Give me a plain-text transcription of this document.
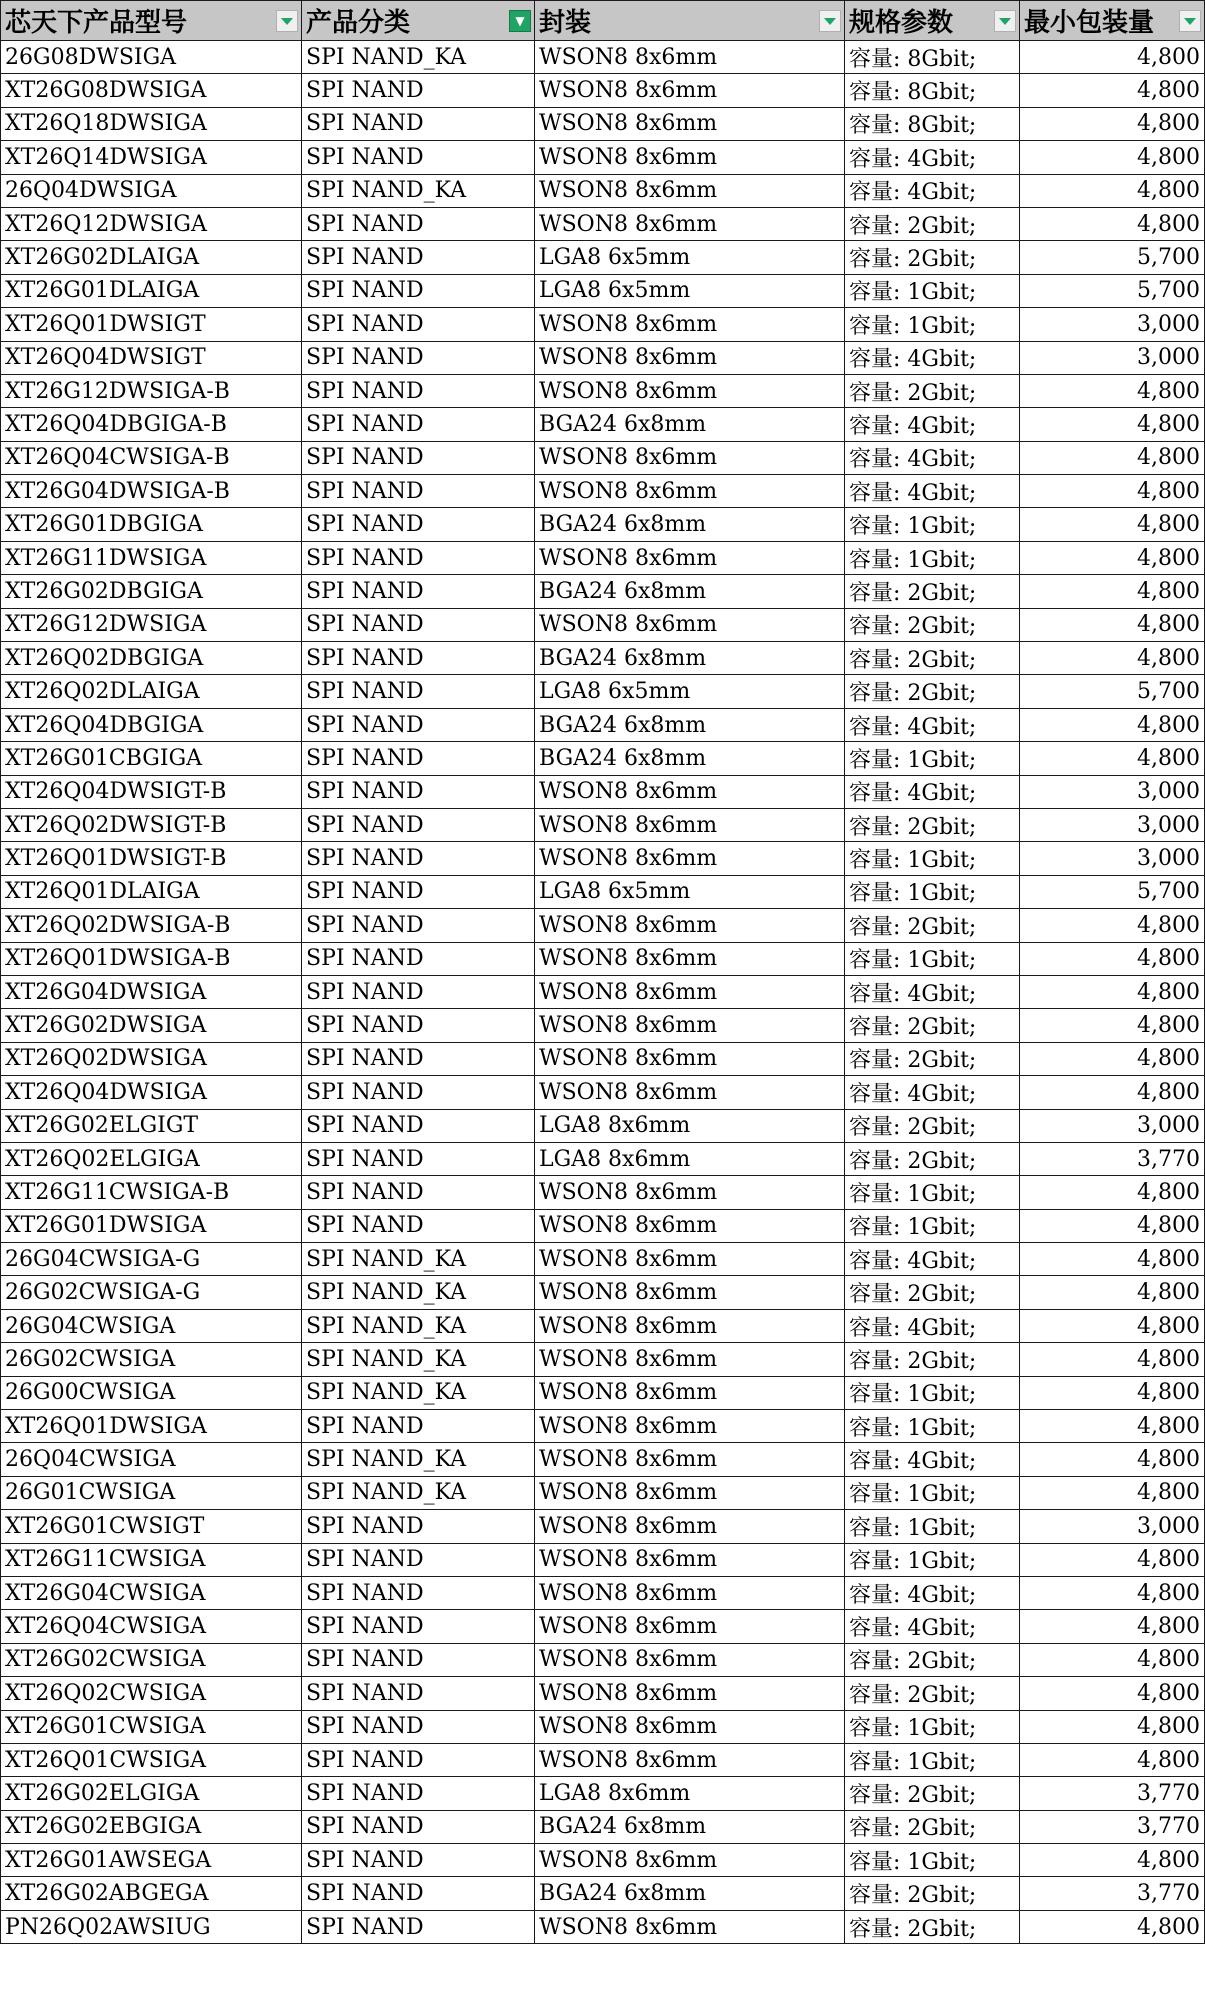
芯天下产品型号	产品分类 ▼	封装	规格参数	最小包装量

26G08DWSIGA	SPI NAND_KA	WSON8 8x6mm	容量: 8Gbit;	4,800
XT26G08DWSIGA	SPI NAND	WSON8 8x6mm	容量: 8Gbit;	4,800
XT26Q18DWSIGA	SPI NAND	WSON8 8x6mm	容量: 8Gbit;	4,800
XT26Q14DWSIGA	SPI NAND	WSON8 8x6mm	容量: 4Gbit;	4,800
26Q04DWSIGA	SPI NAND_KA	WSON8 8x6mm	容量: 4Gbit;	4,800
XT26Q12DWSIGA	SPI NAND	WSON8 8x6mm	容量: 2Gbit;	4,800
XT26G02DLAIGA	SPI NAND	LGA8 6x5mm	容量: 2Gbit;	5,700
XT26G01DLAIGA	SPI NAND	LGA8 6x5mm	容量: 1Gbit;	5,700
XT26Q01DWSIGT	SPI NAND	WSON8 8x6mm	容量: 1Gbit;	3,000
XT26Q04DWSIGT	SPI NAND	WSON8 8x6mm	容量: 4Gbit;	3,000
XT26G12DWSIGA-B	SPI NAND	WSON8 8x6mm	容量: 2Gbit;	4,800
XT26Q04DBGIGA-B	SPI NAND	BGA24 6x8mm	容量: 4Gbit;	4,800
XT26Q04CWSIGA-B	SPI NAND	WSON8 8x6mm	容量: 4Gbit;	4,800
XT26G04DWSIGA-B	SPI NAND	WSON8 8x6mm	容量: 4Gbit;	4,800
XT26G01DBGIGA	SPI NAND	BGA24 6x8mm	容量: 1Gbit;	4,800
XT26G11DWSIGA	SPI NAND	WSON8 8x6mm	容量: 1Gbit;	4,800
XT26G02DBGIGA	SPI NAND	BGA24 6x8mm	容量: 2Gbit;	4,800
XT26G12DWSIGA	SPI NAND	WSON8 8x6mm	容量: 2Gbit;	4,800
XT26Q02DBGIGA	SPI NAND	BGA24 6x8mm	容量: 2Gbit;	4,800
XT26Q02DLAIGA	SPI NAND	LGA8 6x5mm	容量: 2Gbit;	5,700
XT26Q04DBGIGA	SPI NAND	BGA24 6x8mm	容量: 4Gbit;	4,800
XT26G01CBGIGA	SPI NAND	BGA24 6x8mm	容量: 1Gbit;	4,800
XT26Q04DWSIGT-B	SPI NAND	WSON8 8x6mm	容量: 4Gbit;	3,000
XT26Q02DWSIGT-B	SPI NAND	WSON8 8x6mm	容量: 2Gbit;	3,000
XT26Q01DWSIGT-B	SPI NAND	WSON8 8x6mm	容量: 1Gbit;	3,000
XT26Q01DLAIGA	SPI NAND	LGA8 6x5mm	容量: 1Gbit;	5,700
XT26Q02DWSIGA-B	SPI NAND	WSON8 8x6mm	容量: 2Gbit;	4,800
XT26Q01DWSIGA-B	SPI NAND	WSON8 8x6mm	容量: 1Gbit;	4,800
XT26G04DWSIGA	SPI NAND	WSON8 8x6mm	容量: 4Gbit;	4,800
XT26G02DWSIGA	SPI NAND	WSON8 8x6mm	容量: 2Gbit;	4,800
XT26Q02DWSIGA	SPI NAND	WSON8 8x6mm	容量: 2Gbit;	4,800
XT26Q04DWSIGA	SPI NAND	WSON8 8x6mm	容量: 4Gbit;	4,800
XT26G02ELGIGT	SPI NAND	LGA8 8x6mm	容量: 2Gbit;	3,000
XT26Q02ELGIGA	SPI NAND	LGA8 8x6mm	容量: 2Gbit;	3,770
XT26G11CWSIGA-B	SPI NAND	WSON8 8x6mm	容量: 1Gbit;	4,800
XT26G01DWSIGA	SPI NAND	WSON8 8x6mm	容量: 1Gbit;	4,800
26G04CWSIGA-G	SPI NAND_KA	WSON8 8x6mm	容量: 4Gbit;	4,800
26G02CWSIGA-G	SPI NAND_KA	WSON8 8x6mm	容量: 2Gbit;	4,800
26G04CWSIGA	SPI NAND_KA	WSON8 8x6mm	容量: 4Gbit;	4,800
26G02CWSIGA	SPI NAND_KA	WSON8 8x6mm	容量: 2Gbit;	4,800
26G00CWSIGA	SPI NAND_KA	WSON8 8x6mm	容量: 1Gbit;	4,800
XT26Q01DWSIGA	SPI NAND	WSON8 8x6mm	容量: 1Gbit;	4,800
26Q04CWSIGA	SPI NAND_KA	WSON8 8x6mm	容量: 4Gbit;	4,800
26G01CWSIGA	SPI NAND_KA	WSON8 8x6mm	容量: 1Gbit;	4,800
XT26G01CWSIGT	SPI NAND	WSON8 8x6mm	容量: 1Gbit;	3,000
XT26G11CWSIGA	SPI NAND	WSON8 8x6mm	容量: 1Gbit;	4,800
XT26G04CWSIGA	SPI NAND	WSON8 8x6mm	容量: 4Gbit;	4,800
XT26Q04CWSIGA	SPI NAND	WSON8 8x6mm	容量: 4Gbit;	4,800
XT26G02CWSIGA	SPI NAND	WSON8 8x6mm	容量: 2Gbit;	4,800
XT26Q02CWSIGA	SPI NAND	WSON8 8x6mm	容量: 2Gbit;	4,800
XT26G01CWSIGA	SPI NAND	WSON8 8x6mm	容量: 1Gbit;	4,800
XT26Q01CWSIGA	SPI NAND	WSON8 8x6mm	容量: 1Gbit;	4,800
XT26G02ELGIGA	SPI NAND	LGA8 8x6mm	容量: 2Gbit;	3,770
XT26G02EBGIGA	SPI NAND	BGA24 6x8mm	容量: 2Gbit;	3,770
XT26G01AWSEGA	SPI NAND	WSON8 8x6mm	容量: 1Gbit;	4,800
XT26G02ABGEGA	SPI NAND	BGA24 6x8mm	容量: 2Gbit;	3,770
PN26Q02AWSIUG	SPI NAND	WSON8 8x6mm	容量: 2Gbit;	4,800
